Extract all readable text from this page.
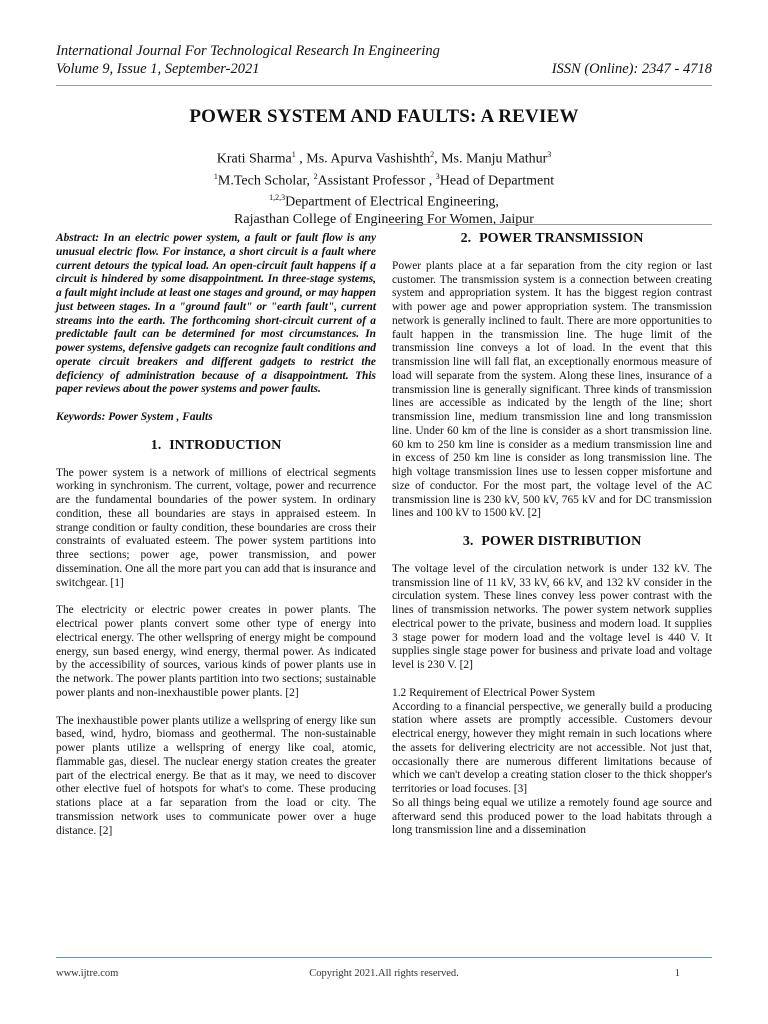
International Journal For Technological Research In Engineering
Volume 9, Issue 1, September-2021	ISSN (Online): 2347 - 4718
POWER SYSTEM AND FAULTS: A REVIEW
Krati Sharma$^1$ , Ms. Apurva Vashishth$^2$, Ms. Manju Mathur$^3$
$^1$M.Tech Scholar, $^2$Assistant Professor , $^3$Head of Department
$^{1,2,3}$Department of Electrical Engineering,
Rajasthan College of Engineering For Women, Jaipur

Abstract: In an electric power system, a fault or fault flow is any unusual electric flow. For instance, a short circuit is a fault where current detours the typical load. An open-circuit fault happens if a circuit is hindered by some disappointment. In three-stage systems, a fault might include at least one stages and ground, or may happen just between stages. In a "ground fault" or "earth fault", current streams into the earth. The forthcoming short-circuit current of a predictable fault can be determined for most circumstances. In power systems, defensive gadgets can recognize fault conditions and operate circuit breakers and different gadgets to restrict the deficiency of administration because of a disappointment. This paper reviews about the power systems and power faults.

Keywords: Power System , Faults

1. INTRODUCTION

The power system is a network of millions of electrical segments working in synchronism. The current, voltage, power and recurrence are the fundamental boundaries of the power system. In ordinary condition, these all boundaries are stays in appraised esteem. In strange condition or faulty condition, these boundaries are cross their constraints of evaluated esteem. The power system partitions into three sections; power age, power transmission, and power dissemination. One all the more part you can add that is insurance and switchgear. [1]

The electricity or electric power creates in power plants. The electrical power plants convert some other type of energy into electrical energy. The other wellspring of energy might be compound energy, sun based energy, wind energy, thermal power. As indicated by the accessibility of sources, various kinds of power plants use in the network. The power plants partition into two sections; sustainable power plants and non-inexhaustible power plants. [2]

The inexhaustible power plants utilize a wellspring of energy like sun based, wind, hydro, biomass and geothermal. The non-sustainable power plants utilize a wellspring of energy like coal, atomic, flammable gas, diesel. The nuclear energy station creates the greater part of the electrical energy. Be that as it may, we need to discover other elective fuel of hotspots for what's to come. These producing stations place at a far separation from the load or city. The transmission network uses to communicate power over a huge distance. [2]

2. POWER TRANSMISSION

Power plants place at a far separation from the city region or last customer. The transmission system is a connection between creating system and appropriation system. It has the biggest region contrast with power age and power appropriation system. The transmission network is generally inclined to fault. There are more opportunities to fault happen in the transmission line. The huge limit of the transmission line conveys a lot of load. In the event that this transmission line will fall flat, an exceptionally enormous measure of load will separate from the system. Along these lines, insurance of a transmission line is generally significant. Three kinds of transmission lines are accessible as indicated by the length of the line; short transmission line, medium transmission line and long transmission line. Under 60 km of the line is consider as a short transmission line. 60 km to 250 km line is consider as a medium transmission line and in excess of 250 km line is consider as long transmission line. The high voltage transmission lines use to lessen copper misfortune and size of conductor. For the most part, the voltage level of the AC transmission line is 230 kV, 500 kV, 765 kV and for DC transmission lines and 100 kV to 1500 kV. [2]

3. POWER DISTRIBUTION

The voltage level of the circulation network is under 132 kV. The transmission line of 11 kV, 33 kV, 66 kV, and 132 kV consider in the circulation system. These lines convey less power contrast with the lines of transmission networks. The power system network supplies electrical power to the private, business and modern load. It supplies 3 stage power for modern load and the voltage level is 440 V. It supplies single stage power for business and private load and voltage level is 230 V. [2]

1.2 Requirement of Electrical Power System

According to a financial perspective, we generally build a producing station where assets are promptly accessible. Customers devour electrical energy, however they might remain in such locations where the assets for delivering electricity are not accessible. Not just that, occasionally there are numerous different limitations because of which we can't develop a creating station closer to the thick shopper's territories or load focuses. [3]

So all things being equal we utilize a remotely found age source and afterward send this produced power to the load habitats through a long transmission line and a dissemination

www.ijtre.com	Copyright 2021.All rights reserved.	1
